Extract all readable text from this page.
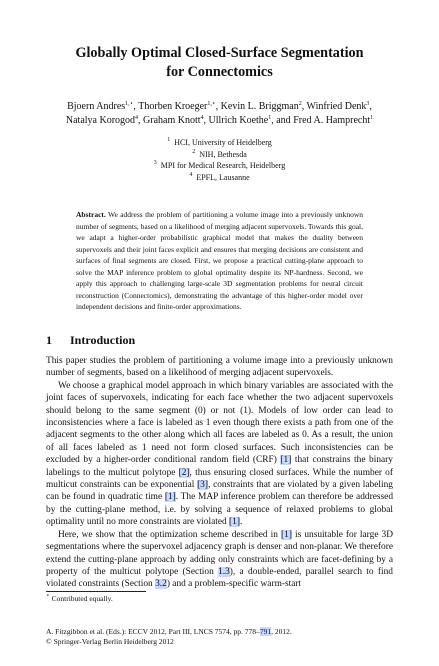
Globally Optimal Closed-Surface Segmentation
for Connectomics
Bjoern Andres$^{1,⋆}$, Thorben Kroeger$^{1,⋆}$, Kevin L. Briggman$^2$, Winfried Denk$^3$,
Natalya Korogod$^4$, Graham Knott$^4$, Ullrich Koethe$^1$, and Fred A. Hamprecht$^1$
$^1$ HCI, University of Heidelberg
$^2$ NIH, Bethesda
$^3$ MPI for Medical Research, Heidelberg
$^4$ EPFL, Lausanne
Abstract. We address the problem of partitioning a volume image into a previously unknown number of segments, based on a likelihood of merging adjacent supervoxels. Towards this goal, we adapt a higher-order probabilistic graphical model that makes the duality between supervoxels and their joint faces explicit and ensures that merging decisions are consistent and surfaces of final segments are closed. First, we propose a practical cutting-plane approach to solve the MAP inference problem to global optimality despite its NP-hardness. Second, we apply this approach to challenging large-scale 3D segmentation problems for neural circuit reconstruction (Connectomics), demonstrating the advantage of this higher-order model over independent decisions and finite-order approximations.
1 Introduction

This paper studies the problem of partitioning a volume image into a previously unknown number of segments, based on a likelihood of merging adjacent supervoxels.

We choose a graphical model approach in which binary variables are associated with the joint faces of supervoxels, indicating for each face whether the two adjacent supervoxels should belong to the same segment (0) or not (1). Models of low order can lead to inconsistencies where a face is labeled as 1 even though there exists a path from one of the adjacent segments to the other along which all faces are labeled as 0. As a result, the union of all faces labeled as 1 need not form closed surfaces. Such inconsistencies can be excluded by a higher-order conditional random field (CRF) [1] that constrains the binary labelings to the multicut polytope [2], thus ensuring closed surfaces. While the number of multicut constraints can be exponential [3], constraints that are violated by a given labeling can be found in quadratic time [1]. The MAP inference problem can therefore be addressed by the cutting-plane method, i.e. by solving a sequence of relaxed problems to global optimality until no more constraints are violated [1].

Here, we show that the optimization scheme described in [1] is unsuitable for large 3D segmentations where the supervoxel adjacency graph is denser and non-planar. We therefore extend the cutting-plane approach by adding only constraints which are facet-defining by a property of the multicut polytope (Section 1.3), a double-ended, parallel search to find violated constraints (Section 3.2) and a problem-specific warm-start

⋆ Contributed equally.
A. Fitzgibbon et al. (Eds.): ECCV 2012, Part III, LNCS 7574, pp. 778–791, 2012.
© Springer-Verlag Berlin Heidelberg 2012
